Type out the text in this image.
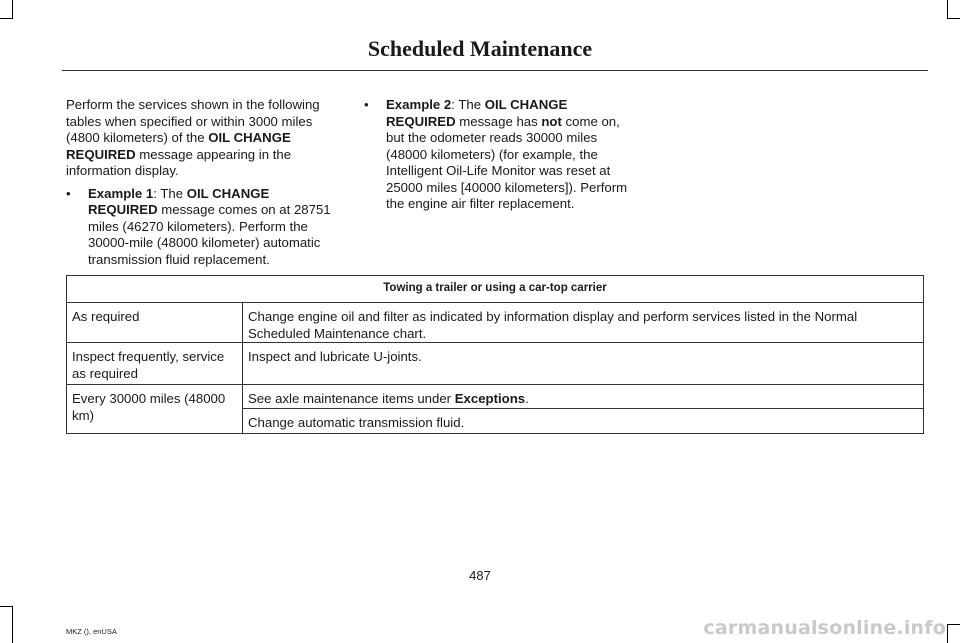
Scheduled Maintenance

Perform the services shown in the following tables when specified or within 3000 miles (4800 kilometers) of the OIL CHANGE REQUIRED message appearing in the information display.

• Example 1: The OIL CHANGE REQUIRED message comes on at 28751 miles (46270 kilometers). Perform the 30000-mile (48000 kilometer) automatic transmission fluid replacement.
• Example 2: The OIL CHANGE REQUIRED message has not come on, but the odometer reads 30000 miles (48000 kilometers) (for example, the Intelligent Oil-Life Monitor was reset at 25000 miles [40000 kilometers]). Perform the engine air filter replacement.
Towing a trailer or using a car-top carrier	
As required	Change engine oil and filter as indicated by information display and perform services listed in the Normal Scheduled Maintenance chart.
Inspect frequently, service as required	Inspect and lubricate U-joints.
Every 30000 miles (48000 km)	See axle maintenance items under Exceptions.
	Change automatic transmission fluid.
487
MKZ (), enUSA	carmanualsonline.info
